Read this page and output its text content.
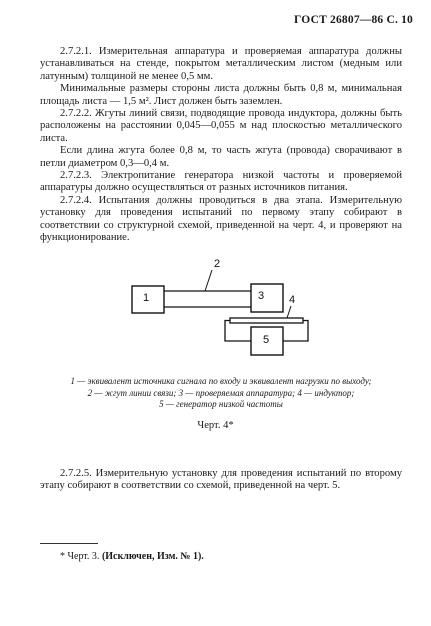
ГОСТ 26807—86 С. 10

2.7.2.1. Измерительная аппаратура и проверяемая аппаратура должны устанавливаться на стенде, покрытом металлическим листом (медным или латунным) толщиной не менее 0,5 мм.

Минимальные размеры стороны листа должны быть 0,8 м, минимальная площадь листа — 1,5 м². Лист должен быть заземлен.

2.7.2.2. Жгуты линий связи, подводящие провода индуктора, должны быть расположены на расстоянии 0,045—0,055 м над плоскостью металлического листа.

Если длина жгута более 0,8 м, то часть жгута (провода) сворачивают в петли диаметром 0,3—0,4 м.

2.7.2.3. Электропитание генератора низкой частоты и проверяемой аппаратуры должно осуществляться от разных источников питания.

2.7.2.4. Испытания должны проводиться в два этапа. Измерительную установку для проведения испытаний по первому этапу собирают в соответствии со структурной схемой, приведенной на черт. 4, и проверяют на функционирование.

1
2
3 4
5
1 — эквивалент источника сигнала по входу и эквивалент нагрузки по выходу;
2 — жгут линии связи; 3 — проверяемая аппаратура; 4 — индуктор;
5 — генератор низкой частоты
Черт. 4*

2.7.2.5. Измерительную установку для проведения испытаний по второму этапу собирают в соответствии со схемой, приведенной на черт. 5.

* Черт. 3. (Исключен, Изм. № 1).
